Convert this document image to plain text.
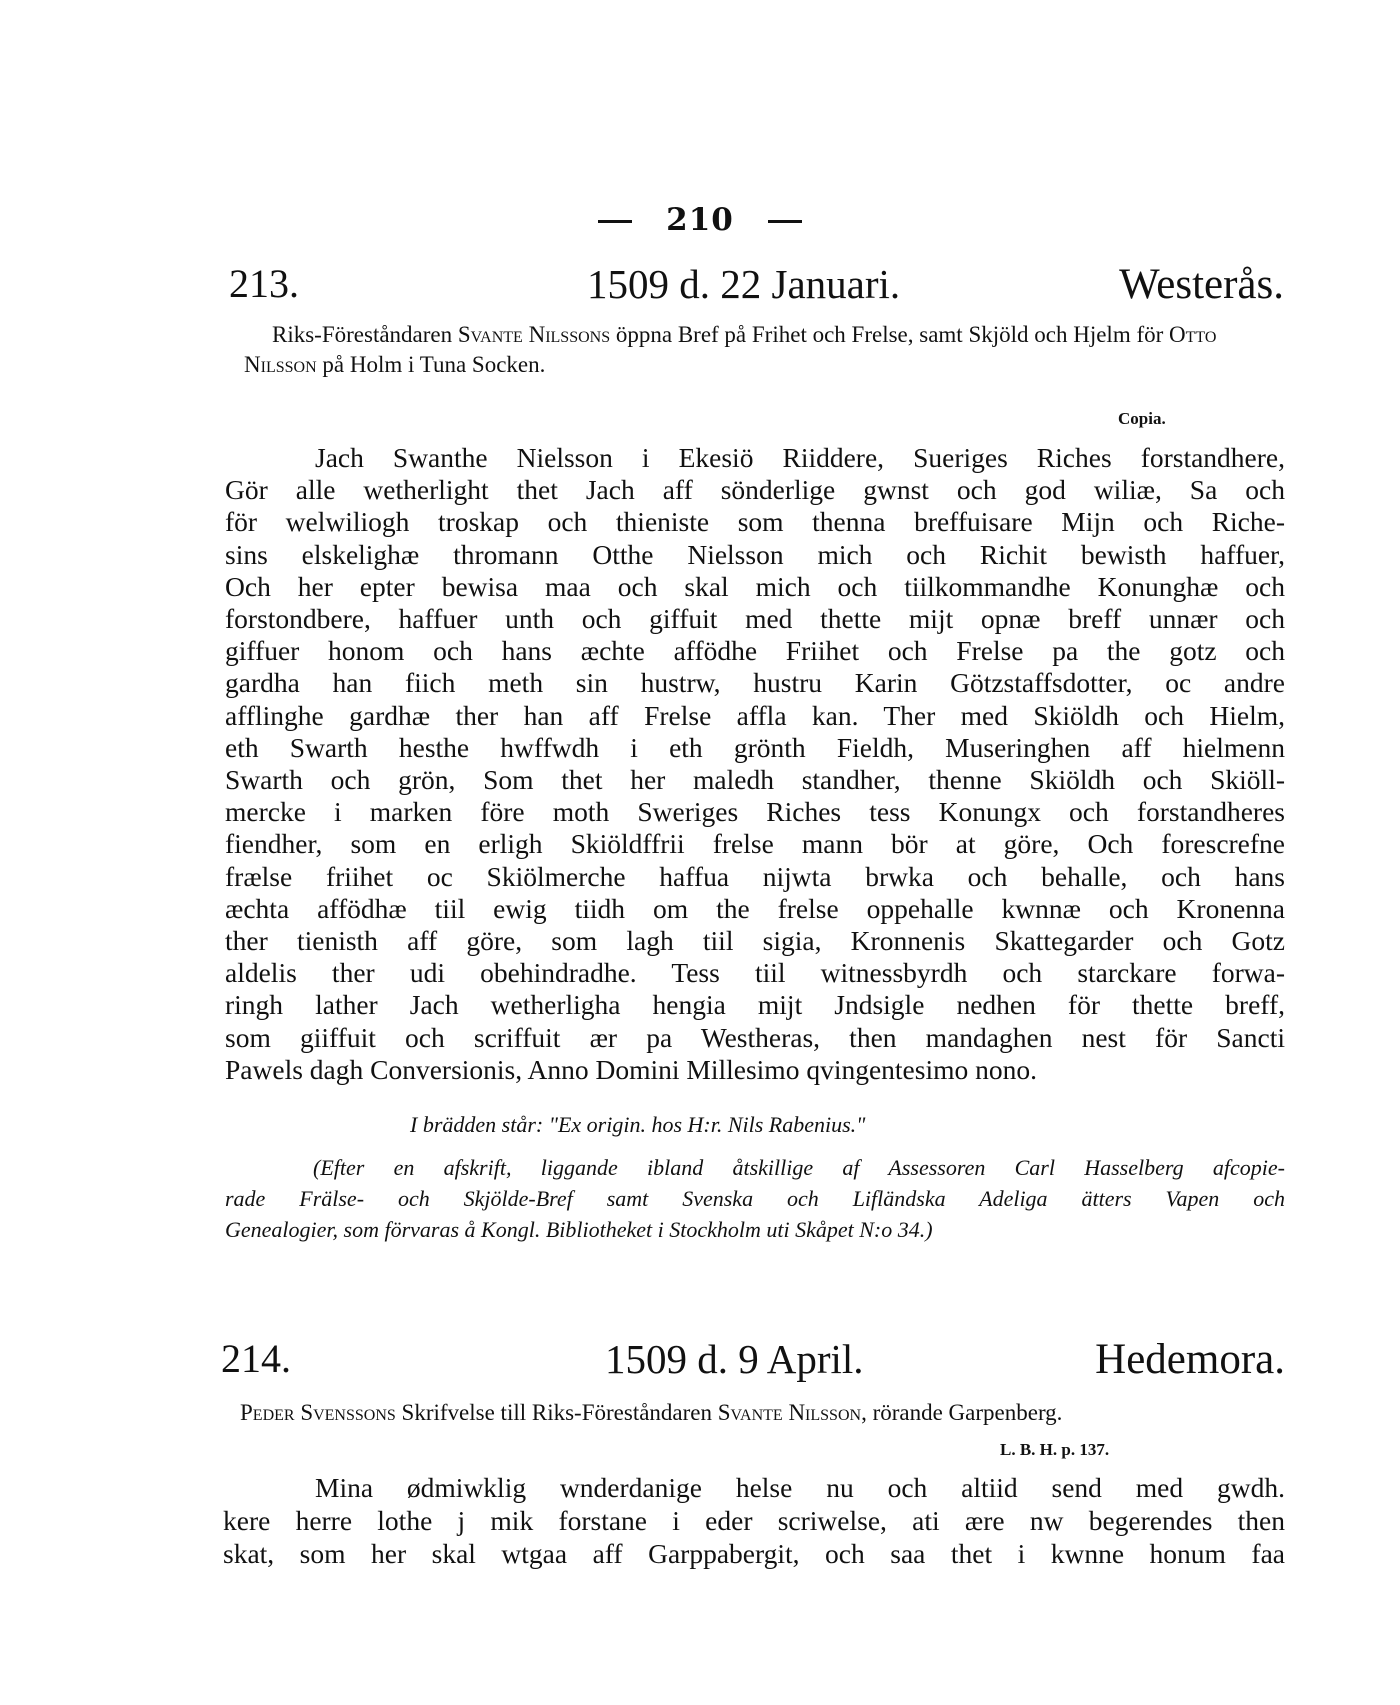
210
213.	1509 d. 22 Januari.	Westerås.
Riks-Föreståndaren Svante Nilssons öppna Bref på Frihet och Frelse, samt Skjöld och Hjelm för Otto Nilsson på Holm i Tuna Socken.
Copia.
Jach Swanthe Nielsson i Ekesiö Riiddere, Sueriges Riches forstandhere,
Gör alle wetherlight thet Jach aff sönderlige gwnst och god wiliæ, Sa och
för welwiliogh troskap och thieniste som thenna breffuisare Mijn och Riche-
sins elskelighæ thromann Otthe Nielsson mich och Richit bewisth haffuer,
Och her epter bewisa maa och skal mich och tiilkommandhe Konunghæ och
forstondbere, haffuer unth och giffuit med thette mijt opnæ breff unnær och
giffuer honom och hans æchte affödhe Friihet och Frelse pa the gotz och
gardha han fiich meth sin hustrw, hustru Karin Götzstaffsdotter, oc andre
afflinghe gardhæ ther han aff Frelse affla kan. Ther med Skiöldh och Hielm,
eth Swarth hesthe hwffwdh i eth grönth Fieldh, Museringhen aff hielmenn
Swarth och grön, Som thet her maledh standher, thenne Skiöldh och Skiöll-
mercke i marken före moth Sweriges Riches tess Konungx och forstandheres
fiendher, som en erligh Skiöldffrii frelse mann bör at göre, Och forescrefne
frælse friihet oc Skiölmerche haffua nijwta brwka och behalle, och hans
æchta affödhæ tiil ewig tiidh om the frelse oppehalle kwnnæ och Kronenna
ther tienisth aff göre, som lagh tiil sigia, Kronnenis Skattegarder och Gotz
aldelis ther udi obehindradhe. Tess tiil witnessbyrdh och starckare forwa-
ringh lather Jach wetherligha hengia mijt Jndsigle nedhen för thette breff,
som giiffuit och scriffuit ær pa Westheras, then mandaghen nest för Sancti
Pawels dagh Conversionis, Anno Domini Millesimo qvingentesimo nono.
I brädden står: "Ex origin. hos H:r. Nils Rabenius."
(Efter en afskrift, liggande ibland åtskillige af Assessoren Carl Hasselberg afcopie-
rade Frälse- och Skjölde-Bref samt Svenska och Lifländska Adeliga ätters Vapen och
Genealogier, som förvaras å Kongl. Bibliotheket i Stockholm uti Skåpet N:o 34.)
214.	1509 d. 9 April.	Hedemora.
Peder Svenssons Skrifvelse till Riks-Föreståndaren Svante Nilsson, rörande Garpenberg.
L. B. H. p. 137.
Mina ødmiwklig wnderdanige helse nu och altiid send med gwdh.
kere herre lothe j mik forstane i eder scriwelse, ati ære nw begerendes then
skat, som her skal wtgaa aff Garppabergit, och saa thet i kwnne honum faa
